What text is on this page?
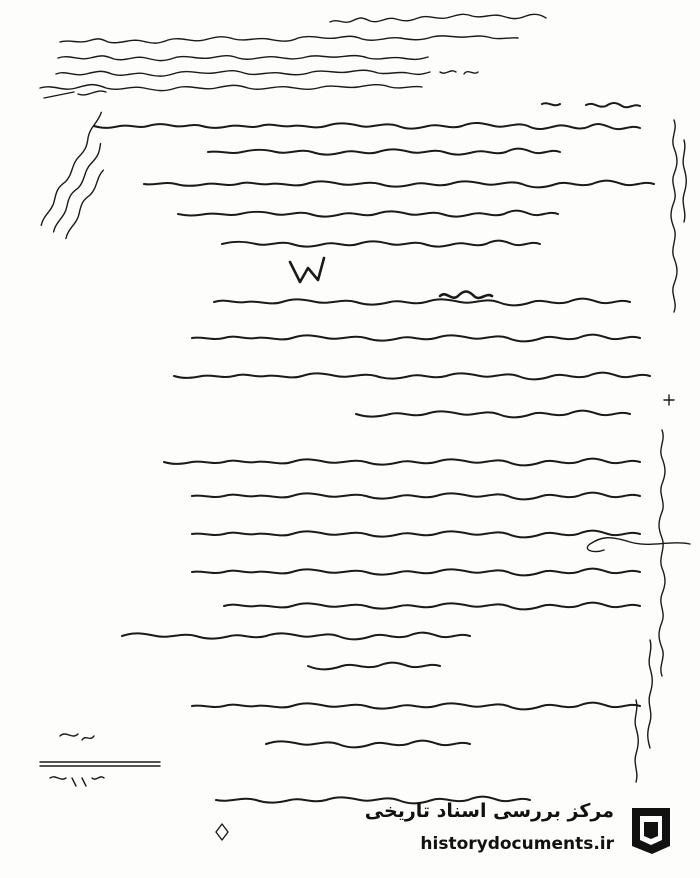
مرکز بررسی اسناد تاریخی
historydocuments.ir
